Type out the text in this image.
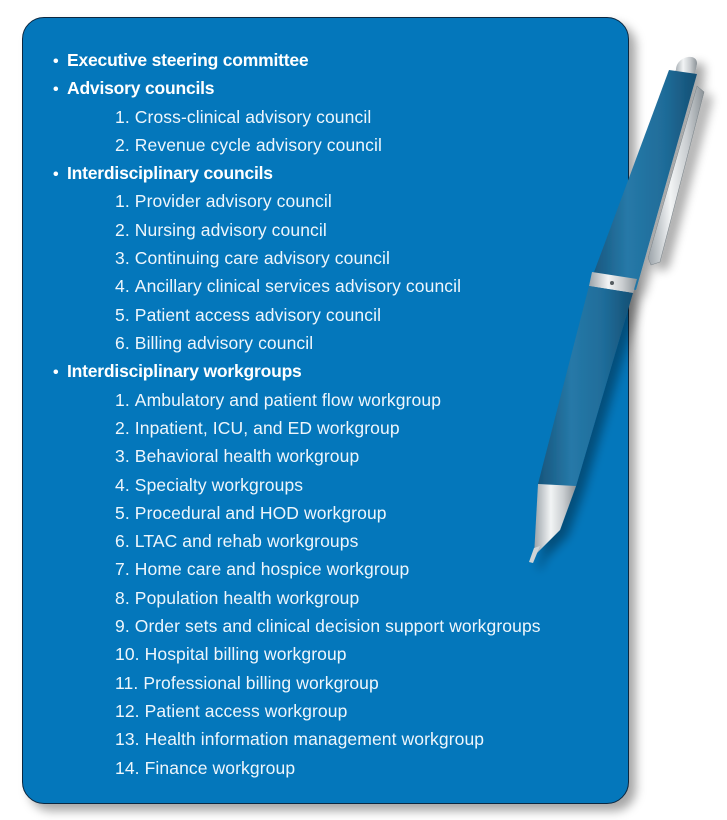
• Executive steering committee
• Advisory councils
1. Cross-clinical advisory council
2. Revenue cycle advisory council
• Interdisciplinary councils
1. Provider advisory council
2. Nursing advisory council
3. Continuing care advisory council
4. Ancillary clinical services advisory council
5. Patient access advisory council
6. Billing advisory council
• Interdisciplinary workgroups
1. Ambulatory and patient flow workgroup
2. Inpatient, ICU, and ED workgroup
3. Behavioral health workgroup
4. Specialty workgroups
5. Procedural and HOD workgroup
6. LTAC and rehab workgroups
7. Home care and hospice workgroup
8. Population health workgroup
9. Order sets and clinical decision support workgroups
10. Hospital billing workgroup
11. Professional billing workgroup
12. Patient access workgroup
13. Health information management workgroup
14. Finance workgroup
